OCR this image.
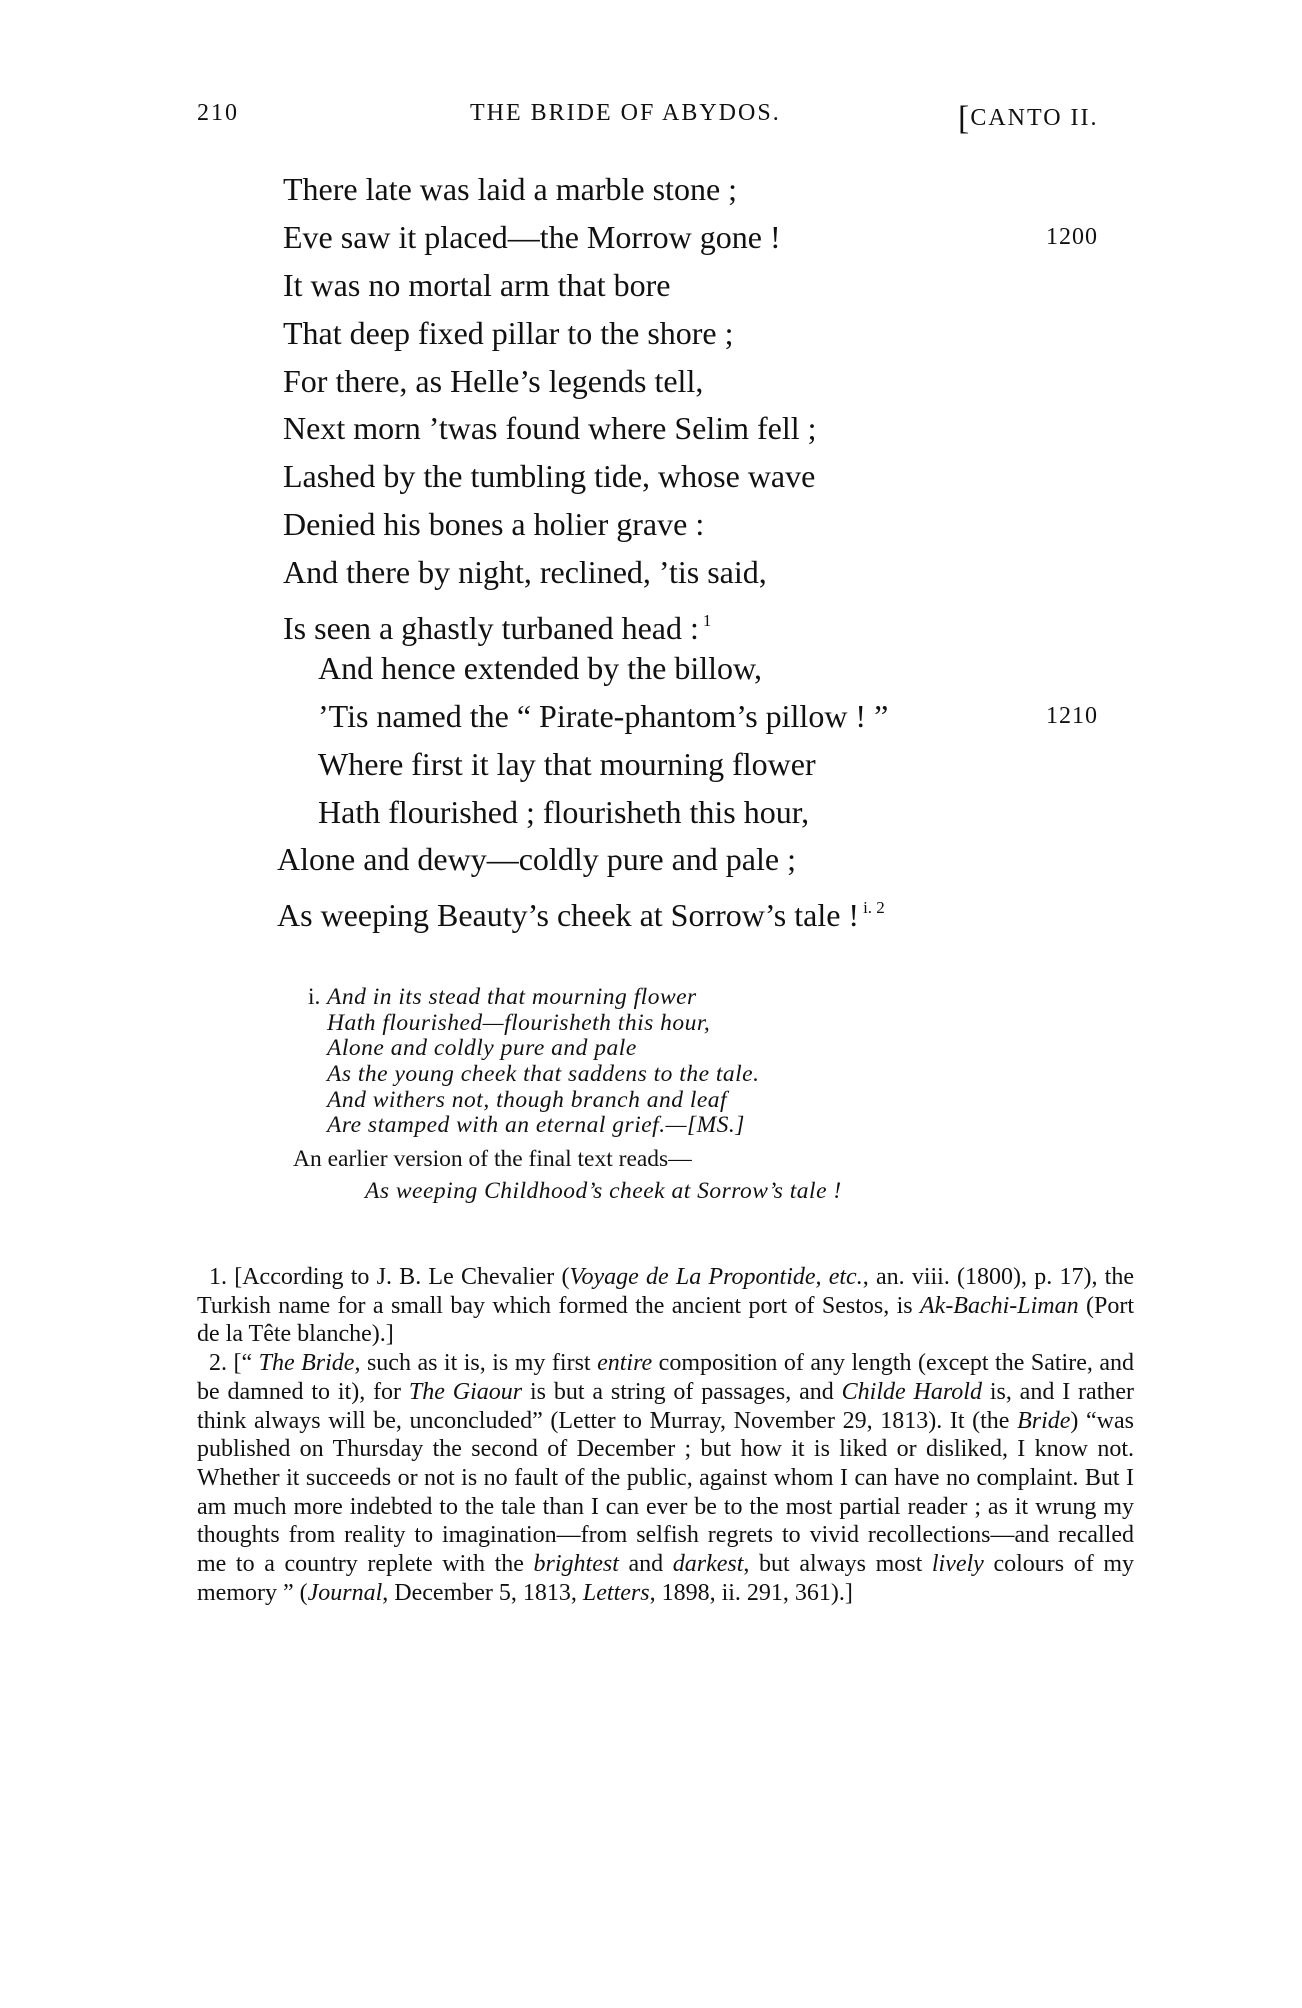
210	THE BRIDE OF ABYDOS.	[CANTO II.
There late was laid a marble stone ;
Eve saw it placed—the Morrow gone !	1200
It was no mortal arm that bore
That deep fixed pillar to the shore ;
For there, as Helle’s legends tell,
Next morn ’twas found where Selim fell ;
Lashed by the tumbling tide, whose wave
Denied his bones a holier grave :
And there by night, reclined, ’tis said,
Is seen a ghastly turbaned head : $^1$
And hence extended by the billow,
’Tis named the “ Pirate-phantom’s pillow ! ”	1210
Where first it lay that mourning flower
Hath flourished ; flourisheth this hour,
Alone and dewy—coldly pure and pale ;
As weeping Beauty’s cheek at Sorrow’s tale ! $^{i. 2}$
i. And in its stead that mourning flower
Hath flourished—flourisheth this hour,
Alone and coldly pure and pale
As the young cheek that saddens to the tale.
And withers not, though branch and leaf
Are stamped with an eternal grief.—[MS.]
An earlier version of the final text reads—
As weeping Childhood’s cheek at Sorrow’s tale !

1. [According to J. B. Le Chevalier (Voyage de La Propontide, etc., an. viii. (1800), p. 17), the Turkish name for a small bay which formed the ancient port of Sestos, is Ak-Bachi-Liman (Port de la Tête blanche).]

2. [“ The Bride, such as it is, is my first entire composition of any length (except the Satire, and be damned to it), for The Giaour is but a string of passages, and Childe Harold is, and I rather think always will be, unconcluded” (Letter to Murray, November 29, 1813). It (the Bride) “was published on Thursday the second of December ; but how it is liked or disliked, I know not. Whether it succeeds or not is no fault of the public, against whom I can have no complaint. But I am much more indebted to the tale than I can ever be to the most partial reader ; as it wrung my thoughts from reality to imagination—from selfish regrets to vivid recollections—and recalled me to a country replete with the brightest and darkest, but always most lively colours of my memory ” (Journal, December 5, 1813, Letters, 1898, ii. 291, 361).]
